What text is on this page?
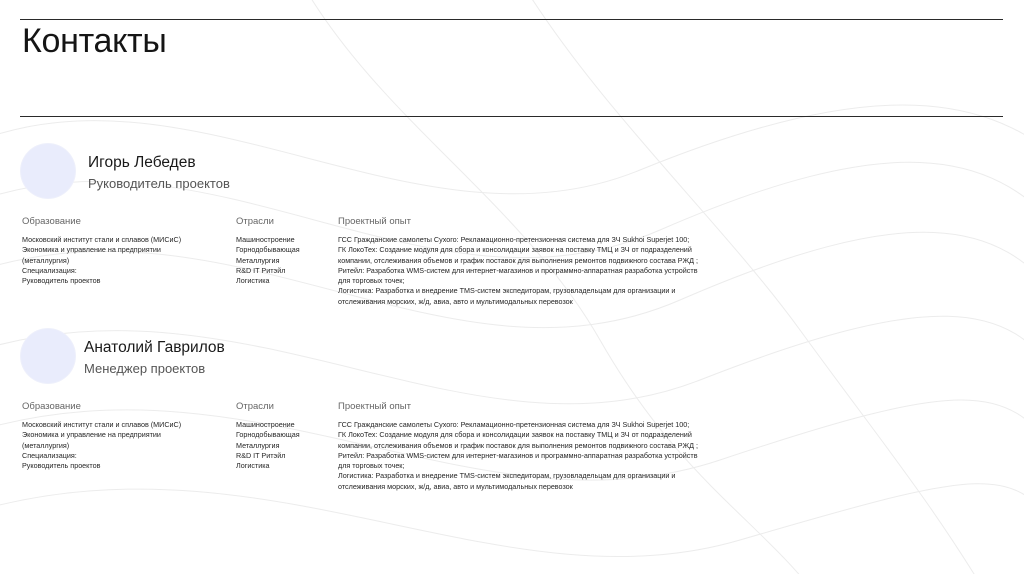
Контакты
Игорь Лебедев
Руководитель проектов
Образование
Московский институт стали и сплавов (МИСиС)
Экономика и управление на предприятии
(металлургия)
Специализация:
Руководитель проектов
Отрасли
Машиностроение
Горнодобывающая
Металлургия
R&D IT Ритэйл
Логистика
Проектный опыт
ГСС Гражданские самолеты Сухого: Рекламационно-претензионная система для ЗЧ Sukhoi Superjet 100;
ГК ЛокоТех: Создание модуля для сбора и консолидации заявок на поставку ТМЦ и ЗЧ от подразделений
компании, отслеживания объемов и график поставок для выполнения ремонтов подвижного состава РЖД ;
Ритейл: Разработка WMS-систем для интернет-магазинов и программно-аппаратная разработка устройств
для торговых точек;
Логистика: Разработка и внедрение TMS-систем экспедиторам, грузовладельцам для организации и
отслеживания морских, ж/д, авиа, авто и мультимодальных перевозок
Анатолий Гаврилов
Менеджер проектов
Образование
Московский институт стали и сплавов (МИСиС)
Экономика и управление на предприятии
(металлургия)
Специализация:
Руководитель проектов
Отрасли
Машиностроение
Горнодобывающая
Металлургия
R&D IT Ритэйл
Логистика
Проектный опыт
ГСС Гражданские самолеты Сухого: Рекламационно-претензионная система для ЗЧ Sukhoi Superjet 100;
ГК ЛокоТех: Создание модуля для сбора и консолидации заявок на поставку ТМЦ и ЗЧ от подразделений
компании, отслеживания объемов и график поставок для выполнения ремонтов подвижного состава РЖД ;
Ритейл: Разработка WMS-систем для интернет-магазинов и программно-аппаратная разработка устройств
для торговых точек;
Логистика: Разработка и внедрение TMS-систем экспедиторам, грузовладельцам для организации и
отслеживания морских, ж/д, авиа, авто и мультимодальных перевозок
